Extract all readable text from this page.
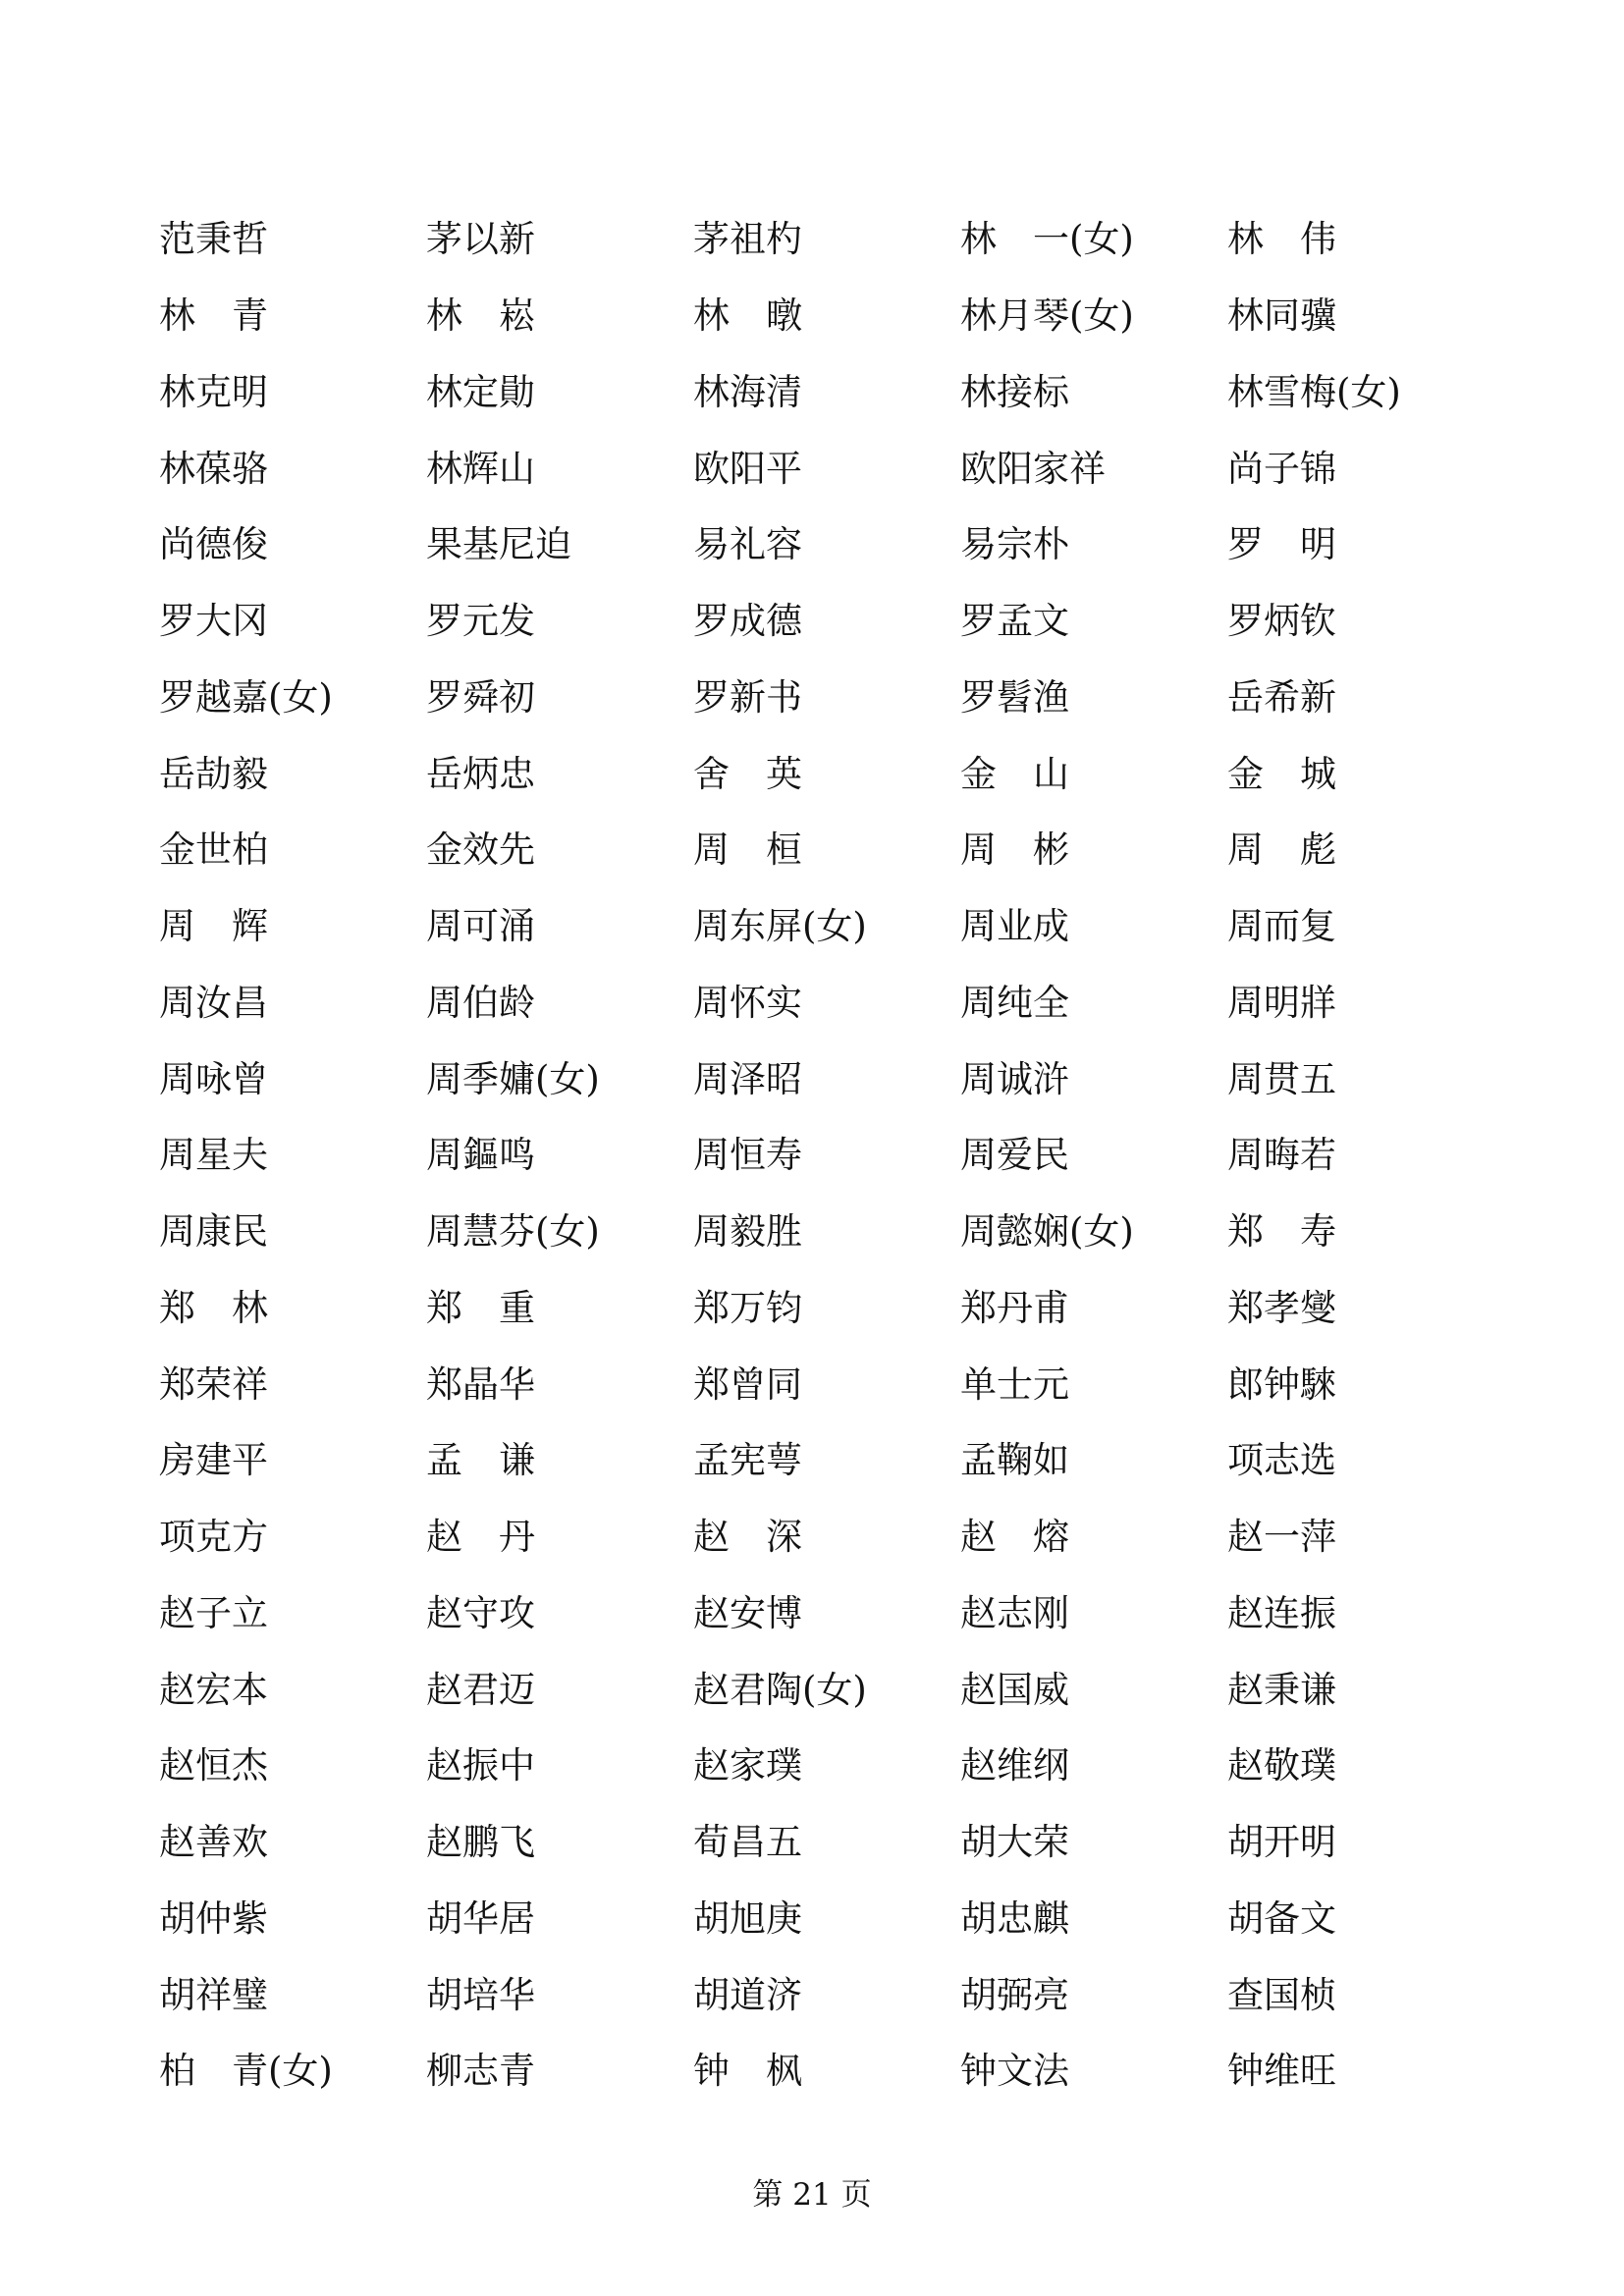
范秉哲	茅以新	茅祖杓	林　一(女)	林　伟
林　青	林　崧	林　暾	林月琴(女)	林同骥
林克明	林定勛	林海清	林接标	林雪梅(女)
林葆骆	林辉山	欧阳平	欧阳家祥	尚子锦
尚德俊	果基尼迫	易礼容	易宗朴	罗　明
罗大冈	罗元发	罗成德	罗孟文	罗炳钦
罗越嘉(女)	罗舜初	罗新书	罗髫渔	岳希新
岳劼毅	岳炳忠	舍　英	金　山	金　城
金世柏	金效先	周　桓	周　彬	周　彪
周　辉	周可涌	周东屏(女)	周业成	周而复
周汝昌	周伯龄	周怀实	周纯全	周明牂
周咏曾	周季嫞(女)	周泽昭	周诚浒	周贯五
周星夫	周鏂鸣	周恒寿	周爱民	周晦若
周康民	周慧芬(女)	周毅胜	周懿娴(女)	郑　寿
郑　林	郑　重	郑万钧	郑丹甫	郑孝燮
郑荣祥	郑晶华	郑曾同	单士元	郎钟騋
房建平	孟　谦	孟宪萼	孟鞠如	项志选
项克方	赵　丹	赵　深	赵　熔	赵一萍
赵子立	赵守攻	赵安博	赵志刚	赵连振
赵宏本	赵君迈	赵君陶(女)	赵国威	赵秉谦
赵恒杰	赵振中	赵家璞	赵维纲	赵敬璞
赵善欢	赵鹏飞	荀昌五	胡大荣	胡开明
胡仲紫	胡华居	胡旭庚	胡忠麒	胡备文
胡祥璧	胡培华	胡道济	胡弼亮	查国桢
柏　青(女)	柳志青	钟　枫	钟文法	钟维旺
第 21 页
